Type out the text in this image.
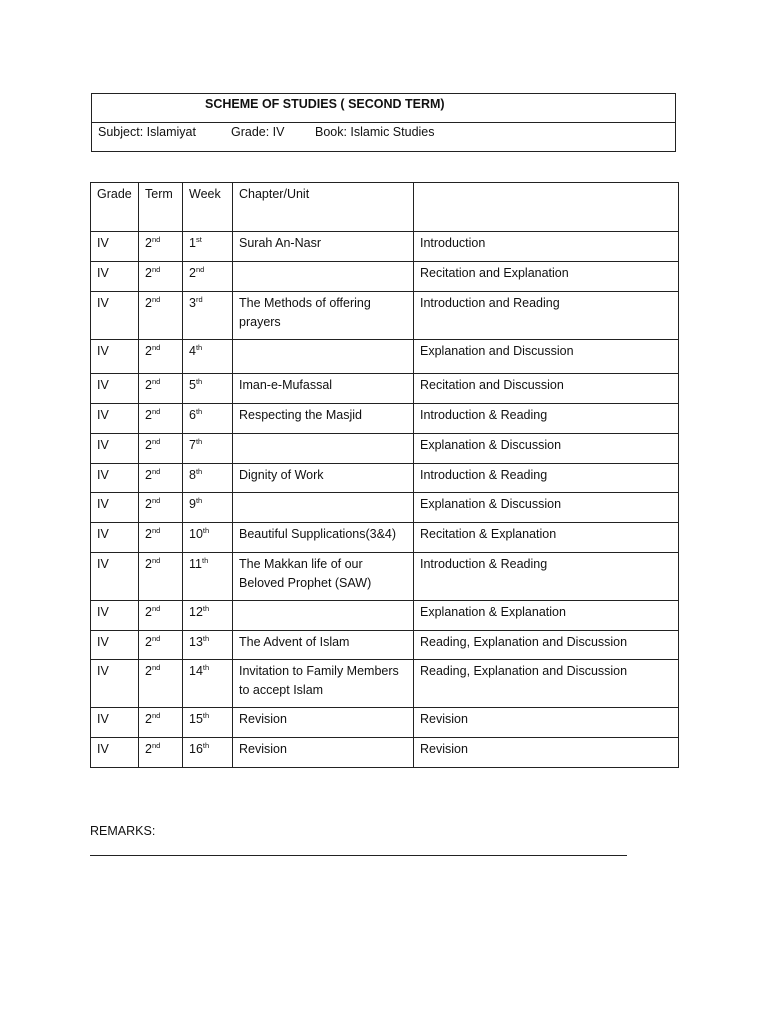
SCHEME OF STUDIES ( SECOND TERM)
Subject: Islamiyat	Grade: IV Book: Islamic Studies
Grade	Term	Week	Chapter/Unit	
IV	2nd	1st	Surah An-Nasr	Introduction
IV	2nd	2nd		Recitation and Explanation
IV	2nd	3rd	The Methods of offering prayers	Introduction and Reading
IV	2nd	4th		Explanation and Discussion
IV	2nd	5th	Iman-e-Mufassal	Recitation and Discussion
IV	2nd	6th	Respecting the Masjid	Introduction & Reading
IV	2nd	7th		Explanation & Discussion
IV	2nd	8th	Dignity of Work	Introduction & Reading
IV	2nd	9th		Explanation & Discussion
IV	2nd	10th	Beautiful Supplications(3&4)	Recitation & Explanation
IV	2nd	11th	The Makkan life of our Beloved Prophet (SAW)	Introduction & Reading
IV	2nd	12th		Explanation & Explanation
IV	2nd	13th	The Advent of Islam	Reading, Explanation and Discussion
IV	2nd	14th	Invitation to Family Members to accept Islam	Reading, Explanation and Discussion
IV	2nd	15th	Revision	Revision
IV	2nd	16th	Revision	Revision
REMARKS:
